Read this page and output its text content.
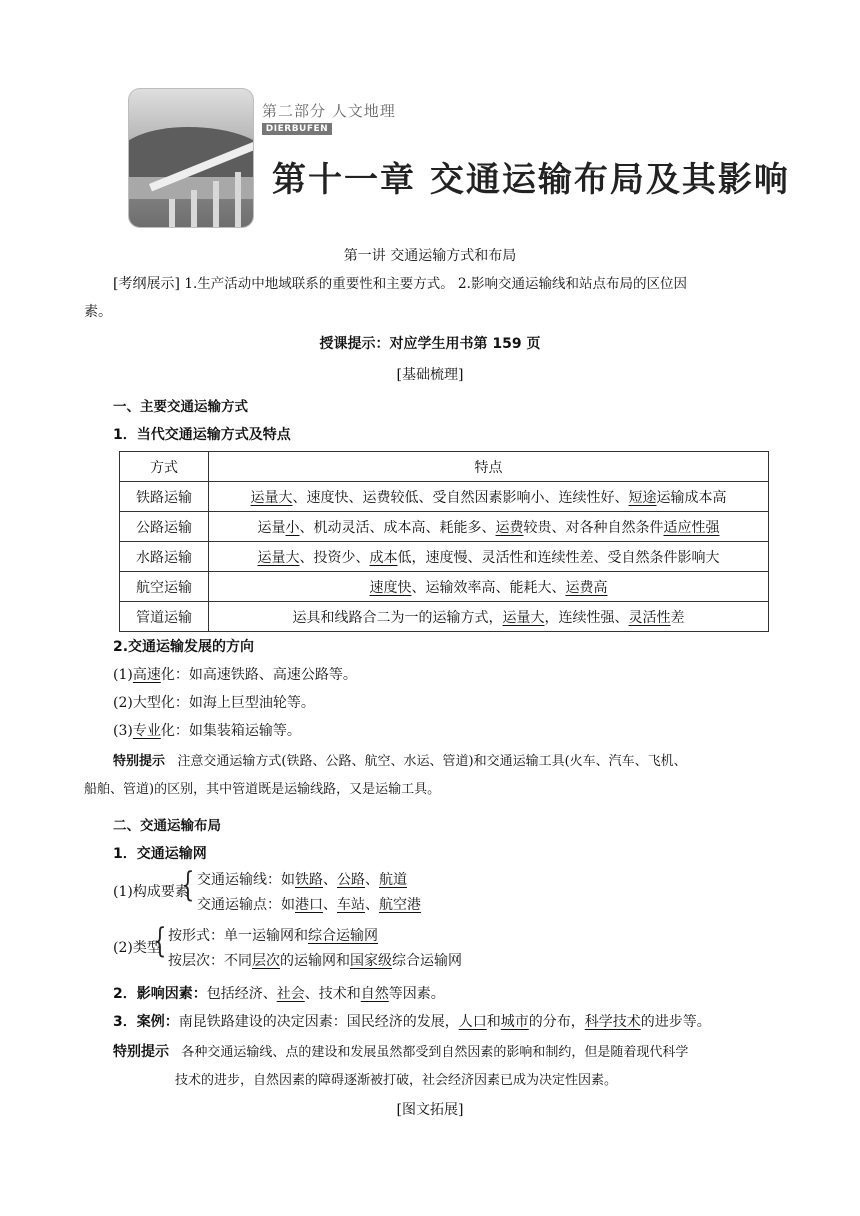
第二部分 人文地理
DIERBUFEN
第十一章 交通运输布局及其影响
第一讲 交通运输方式和布局
[考纲展示] 1.生产活动中地域联系的重要性和主要方式。 2.影响交通运输线和站点布局的区位因
素。
授课提示：对应学生用书第 159 页
[基础梳理]
一、主要交通运输方式
1．当代交通运输方式及特点
方式	特点
铁路运输	运量大、速度快、运费较低、受自然因素影响小、连续性好、短途运输成本高
公路运输	运量小、机动灵活、成本高、耗能多、运费较贵、对各种自然条件适应性强
水路运输	运量大、投资少、成本低，速度慢、灵活性和连续性差、受自然条件影响大
航空运输	速度快、运输效率高、能耗大、运费高
管道运输	运具和线路合二为一的运输方式，运量大，连续性强、灵活性差
2.交通运输发展的方向
(1)高速化：如高速铁路、高速公路等。
(2)大型化：如海上巨型油轮等。
(3)专业化：如集装箱运输等。
特别提示 注意交通运输方式(铁路、公路、航空、水运、管道)和交通运输工具(火车、汽车、飞机、
船舶、管道)的区别，其中管道既是运输线路，又是运输工具。
二、交通运输布局
1．交通运输网
(1)构成要素
{ 交通运输线：如铁路、公路、航道
交通运输点：如港口、车站、航空港
(2)类型
{ 按形式：单一运输网和综合运输网
按层次：不同层次的运输网和国家级综合运输网
2．影响因素：包括经济、社会、技术和自然等因素。
3．案例：南昆铁路建设的决定因素：国民经济的发展，人口和城市的分布，科学技术的进步等。
特别提示 各种交通运输线、点的建设和发展虽然都受到自然因素的影响和制约，但是随着现代科学
技术的进步，自然因素的障碍逐渐被打破，社会经济因素已成为决定性因素。
[图文拓展]
